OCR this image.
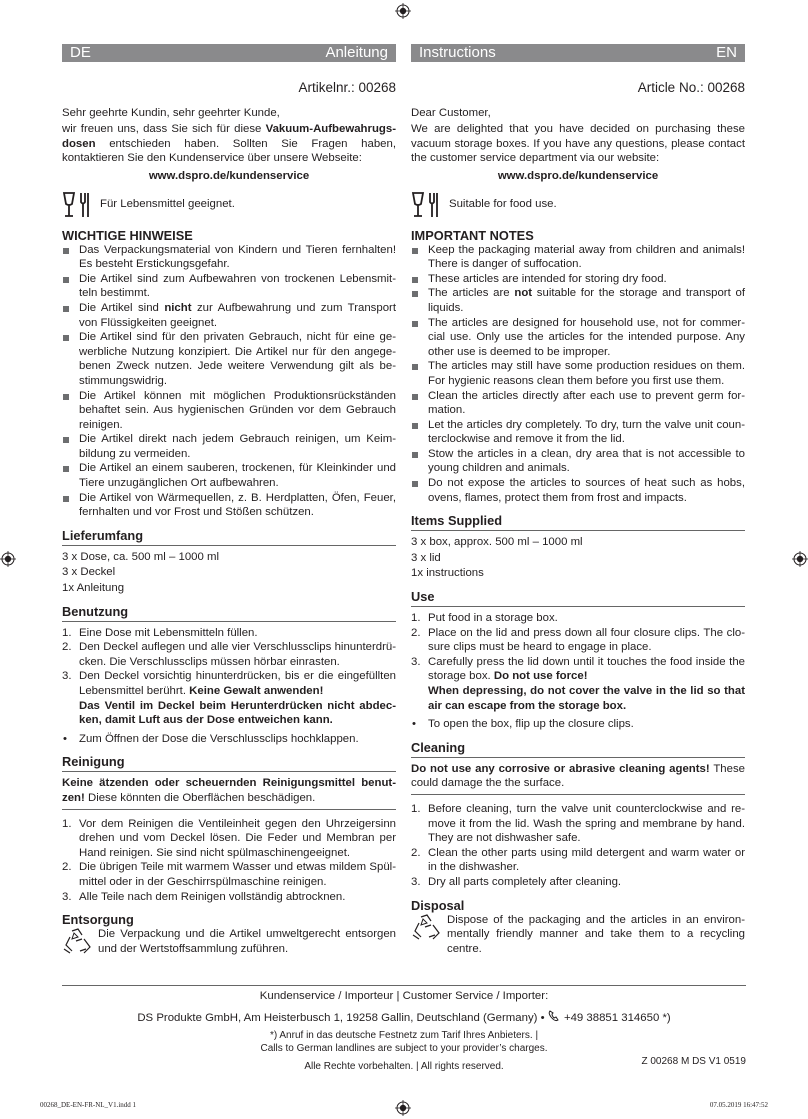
DE	Anleitung
Artikelnr.: 00268
Sehr geehrte Kundin, sehr geehrter Kunde,
wir freuen uns, dass Sie sich für diese Vakuum-Aufbewahrugsdosen entschieden haben. Sollten Sie Fragen haben, kontaktieren Sie den Kundenservice über unsere Webseite:
www.dspro.de/kundenservice
Für Lebensmittel geeignet.
WICHTIGE HINWEISE
Das Verpackungsmaterial von Kindern und Tieren fernhalten! Es besteht Erstickungsgefahr.
Die Artikel sind zum Aufbewahren von trockenen Lebensmitteln bestimmt.
Die Artikel sind nicht zur Aufbewahrung und zum Transport von Flüssigkeiten geeignet.
Die Artikel sind für den privaten Gebrauch, nicht für eine gewerbliche Nutzung konzipiert. Die Artikel nur für den angegebenen Zweck nutzen. Jede weitere Verwendung gilt als bestimmungswidrig.
Die Artikel können mit möglichen Produktionsrückständen behaftet sein. Aus hygienischen Gründen vor dem Gebrauch reinigen.
Die Artikel direkt nach jedem Gebrauch reinigen, um Keimbildung zu vermeiden.
Die Artikel an einem sauberen, trockenen, für Kleinkinder und Tiere unzugänglichen Ort aufbewahren.
Die Artikel von Wärmequellen, z. B. Herdplatten, Öfen, Feuer, fernhalten und vor Frost und Stößen schützen.
Lieferumfang
3 x Dose, ca. 500 ml – 1000 ml
3 x Deckel
1x Anleitung
Benutzung
1. Eine Dose mit Lebensmitteln füllen.
2. Den Deckel auflegen und alle vier Verschlussclips hinunterdrücken. Die Verschlussclips müssen hörbar einrasten.
3. Den Deckel vorsichtig hinunterdrücken, bis er die eingefüllten Lebensmittel berührt. Keine Gewalt anwenden!
Das Ventil im Deckel beim Herunterdrücken nicht abdecken, damit Luft aus der Dose entweichen kann.
• Zum Öffnen der Dose die Verschlussclips hochklappen.
Reinigung
Keine ätzenden oder scheuernden Reinigungsmittel benutzen! Diese könnten die Oberflächen beschädigen.
1. Vor dem Reinigen die Ventileinheit gegen den Uhrzeigersinn drehen und vom Deckel lösen. Die Feder und Membran per Hand reinigen. Sie sind nicht spülmaschinengeeignet.
2. Die übrigen Teile mit warmem Wasser und etwas mildem Spülmittel oder in der Geschirrspülmaschine reinigen.
3. Alle Teile nach dem Reinigen vollständig abtrocknen.
Entsorgung
Die Verpackung und die Artikel umweltgerecht entsorgen und der Wertstoffsammlung zuführen.
Instructions	EN
Article No.: 00268
Dear Customer,
We are delighted that you have decided on purchasing these vacuum storage boxes. If you have any questions, please contact the customer service department via our website:
www.dspro.de/kundenservice
Suitable for food use.
IMPORTANT NOTES
Keep the packaging material away from children and animals! There is danger of suffocation.
These articles are intended for storing dry food.
The articles are not suitable for the storage and transport of liquids.
The articles are designed for household use, not for commercial use. Only use the articles for the intended purpose. Any other use is deemed to be improper.
The articles may still have some production residues on them. For hygienic reasons clean them before you first use them.
Clean the articles directly after each use to prevent germ formation.
Let the articles dry completely. To dry, turn the valve unit counterclockwise and remove it from the lid.
Stow the articles in a clean, dry area that is not accessible to young children and animals.
Do not expose the articles to sources of heat such as hobs, ovens, flames, protect them from frost and impacts.
Items Supplied
3 x box, approx. 500 ml – 1000 ml
3 x lid
1x instructions
Use
1. Put food in a storage box.
2. Place on the lid and press down all four closure clips. The closure clips must be heard to engage in place.
3. Carefully press the lid down until it touches the food inside the storage box. Do not use force!
When depressing, do not cover the valve in the lid so that air can escape from the storage box.
• To open the box, flip up the closure clips.
Cleaning
Do not use any corrosive or abrasive cleaning agents! These could damage the the surface.
1. Before cleaning, turn the valve unit counterclockwise and remove it from the lid. Wash the spring and membrane by hand. They are not dishwasher safe.
2. Clean the other parts using mild detergent and warm water or in the dishwasher.
3. Dry all parts completely after cleaning.
Disposal
Dispose of the packaging and the articles in an environmentally friendly manner and take them to a recycling centre.
Kundenservice / Importeur | Customer Service / Importer:
DS Produkte GmbH, Am Heisterbusch 1, 19258 Gallin, Deutschland (Germany) •  +49 38851 314650 *)
*) Anruf in das deutsche Festnetz zum Tarif Ihres Anbieters. |
Calls to German landlines are subject to your provider’s charges.
Alle Rechte vorbehalten. | All rights reserved.	Z 00268 M DS V1 0519
00268_DE-EN-FR-NL_V1.indd 1	07.05.2019 16:47:52
